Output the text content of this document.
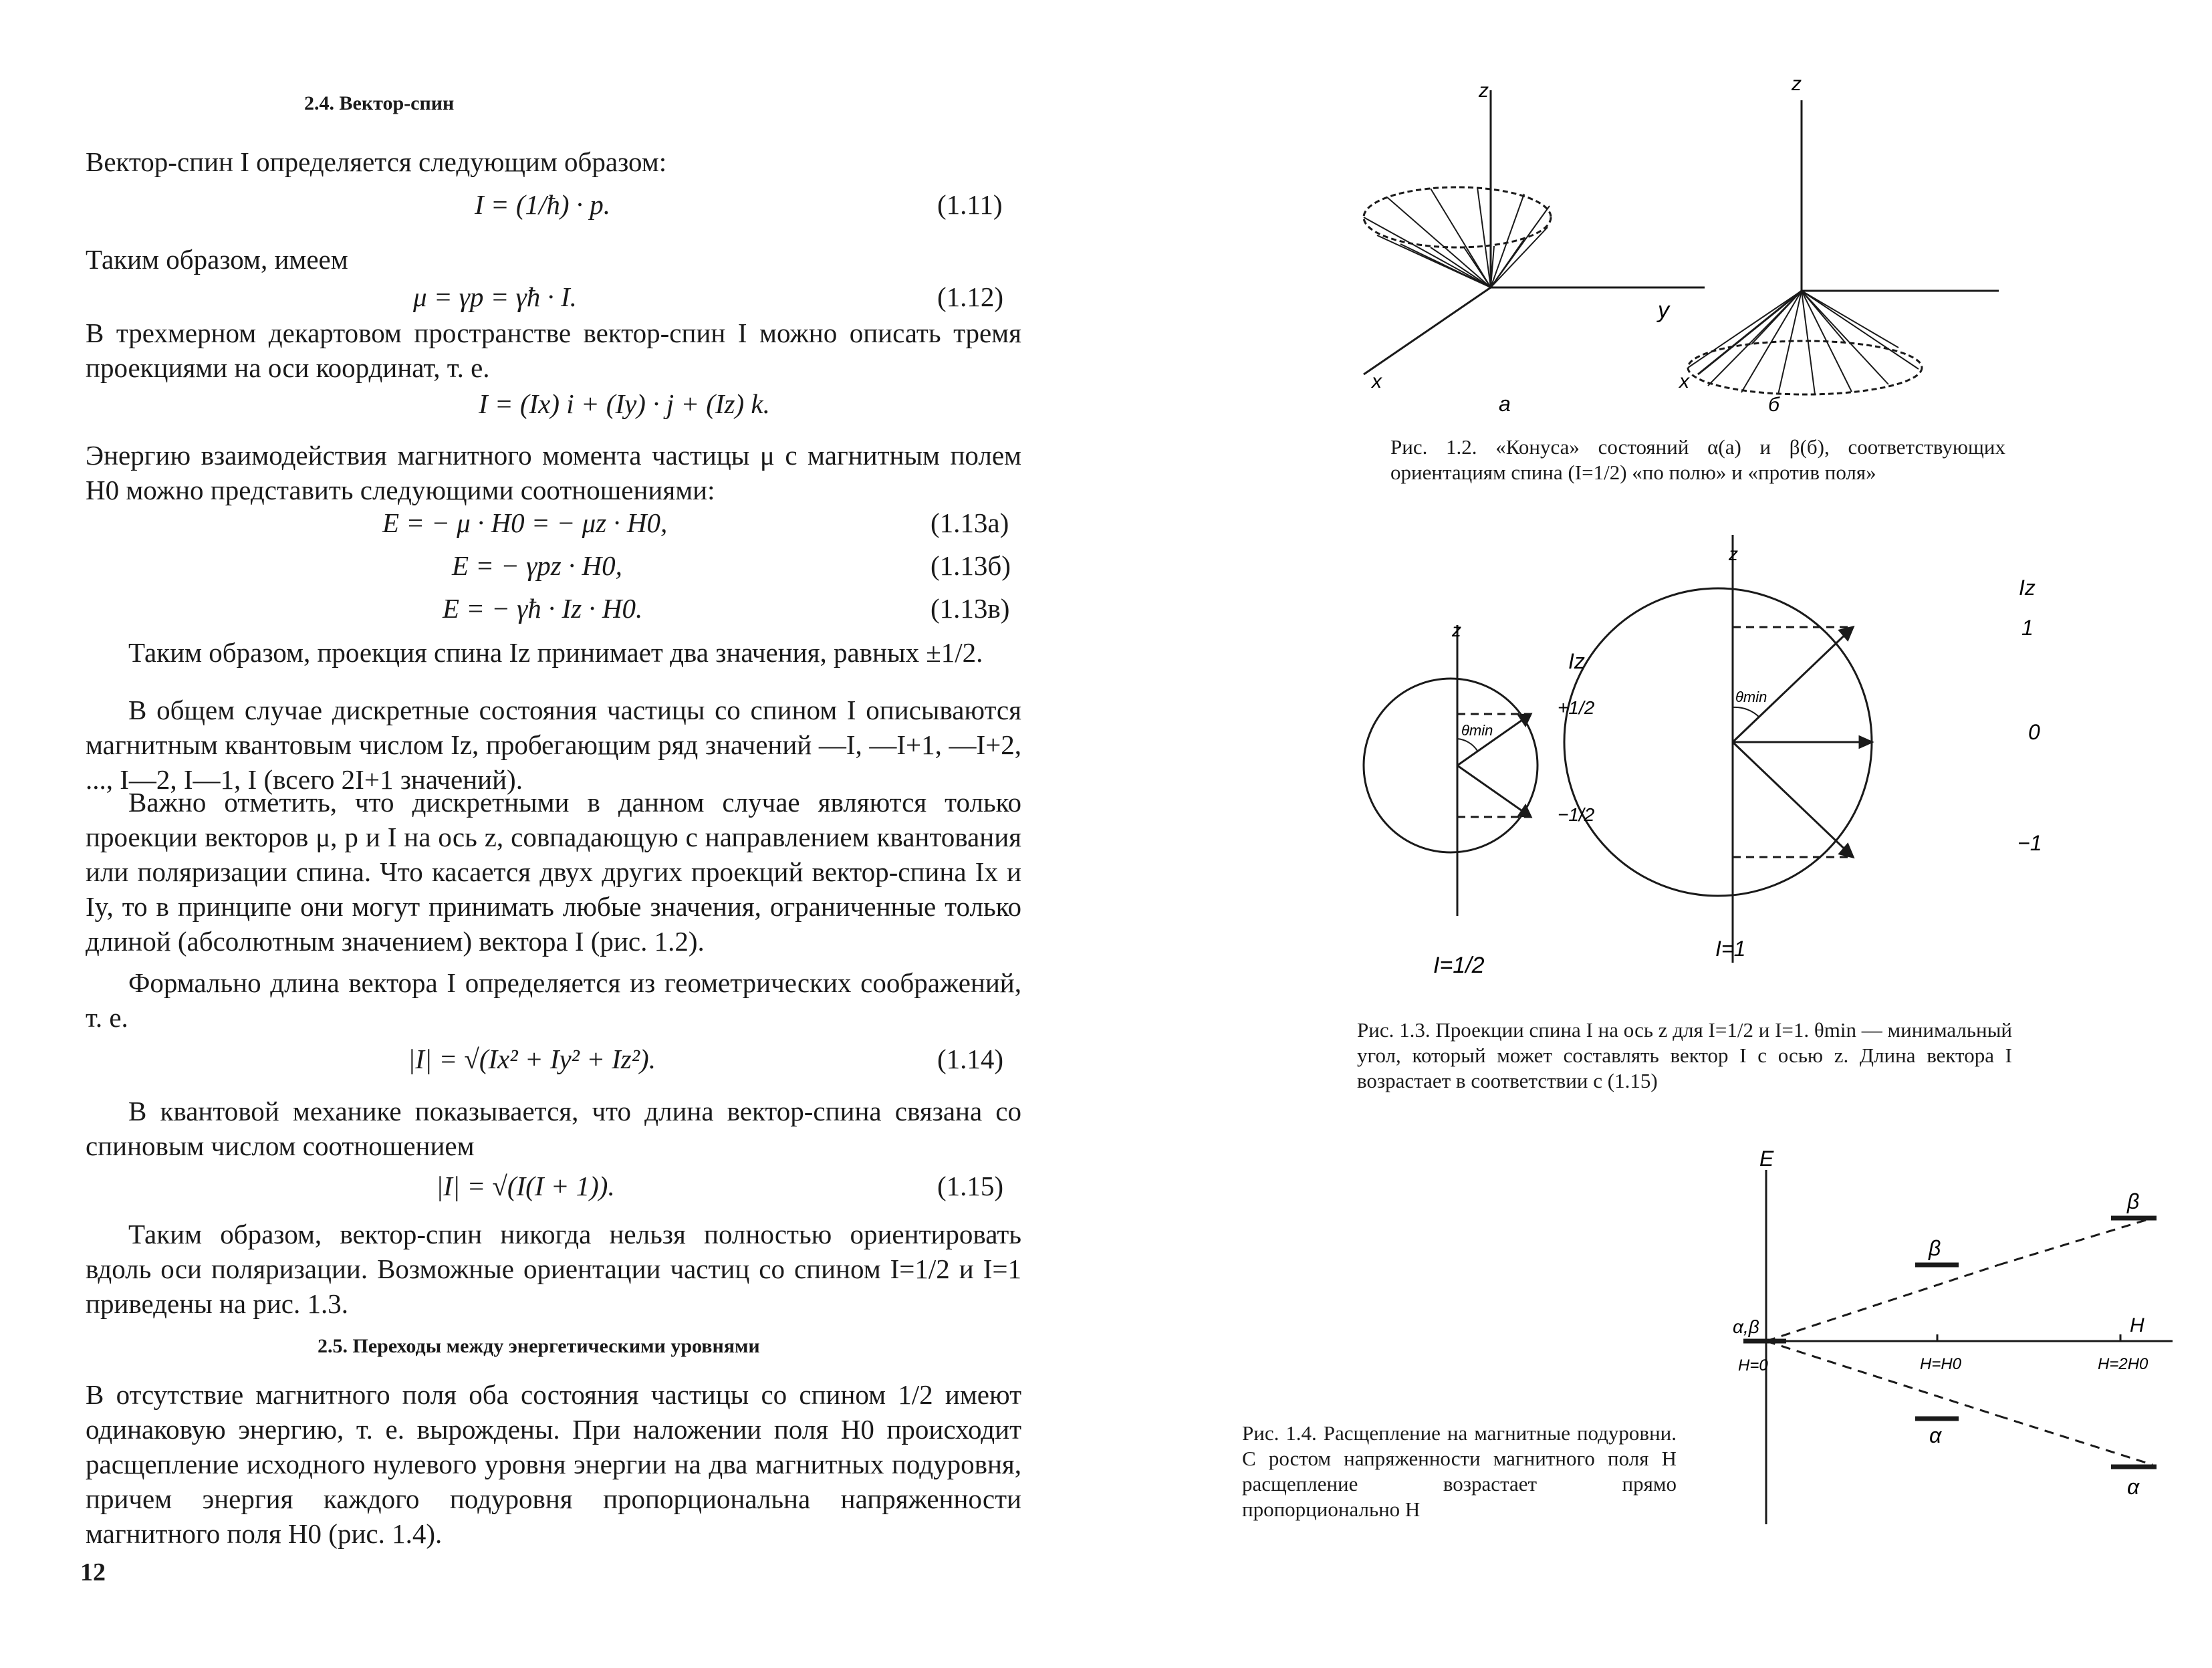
2.4. Вектор-спин
Вектор-спин I определяется следующим образом:
I = (1/ħ) · p.	(1.11)
Таким образом, имеем
μ = γp = γħ · I.	(1.12)
В трехмерном декартовом пространстве вектор-спин I можно описать тремя проекциями на оси координат, т. е.
I = (Ix) i + (Iy) · j + (Iz) k.
Энергию взаимодействия магнитного момента частицы μ с магнитным полем H0 можно представить следующими соотношениями:
E = − μ · H0 = − μz · H0,	(1.13а)
E = − γpz · H0,	(1.13б)
E = − γħ · Iz · H0.	(1.13в)
Таким образом, проекция спина Iz принимает два значения, равных ±1/2.
В общем случае дискретные состояния частицы со спином I описываются магнитным квантовым числом Iz, пробегающим ряд значений —I, —I+1, —I+2, ..., I—2, I—1, I (всего 2I+1 значений).
Важно отметить, что дискретными в данном случае являются только проекции векторов μ, p и I на ось z, совпадающую с направлением квантования или поляризации спина. Что касается двух других проекций вектор-спина Ix и Iy, то в принципе они могут принимать любые значения, ограниченные только длиной (абсолютным значением) вектора I (рис. 1.2).
Формально длина вектора I определяется из геометрических соображений, т. е.
|I| = √(Ix² + Iy² + Iz²).	(1.14)
В квантовой механике показывается, что длина вектор-спина связана со спиновым числом соотношением
|I| = √(I(I + 1)).	(1.15)
Таким образом, вектор-спин никогда нельзя полностью ориентировать вдоль оси поляризации. Возможные ориентации частиц со спином I=1/2 и I=1 приведены на рис. 1.3.
2.5. Переходы между энергетическими уровнями
В отсутствие магнитного поля оба состояния частицы со спином 1/2 имеют одинаковую энергию, т. е. вырождены. При наложении поля H0 происходит расщепление исходного нулевого уровня энергии на два магнитных подуровня, причем энергия каждого подуровня пропорциональна напряженности магнитного поля H0 (рис. 1.4).
12
z
y
x
а
z
x
б
Рис. 1.2. «Конуса» состояний α(а) и β(б), соответствующих ориентациям спина (I=1/2) «по полю» и «против поля»
z
Iz
θmin
+1/2
−1/2
I=1/2
z
Iz
θmin
1
0
−1
I=1
Рис. 1.3. Проекции спина I на ось z для I=1/2 и I=1. θmin — минимальный угол, который может составлять вектор I с осью z. Длина вектора I возрастает в соответствии с (1.15)
E
H
α,β
H=0	H=H0	H=2H0
β
β
α
α
Рис. 1.4. Расщепление на магнитные подуровни. С ростом напряженности магнитного поля H расщепление возрастает прямо пропорционально H
